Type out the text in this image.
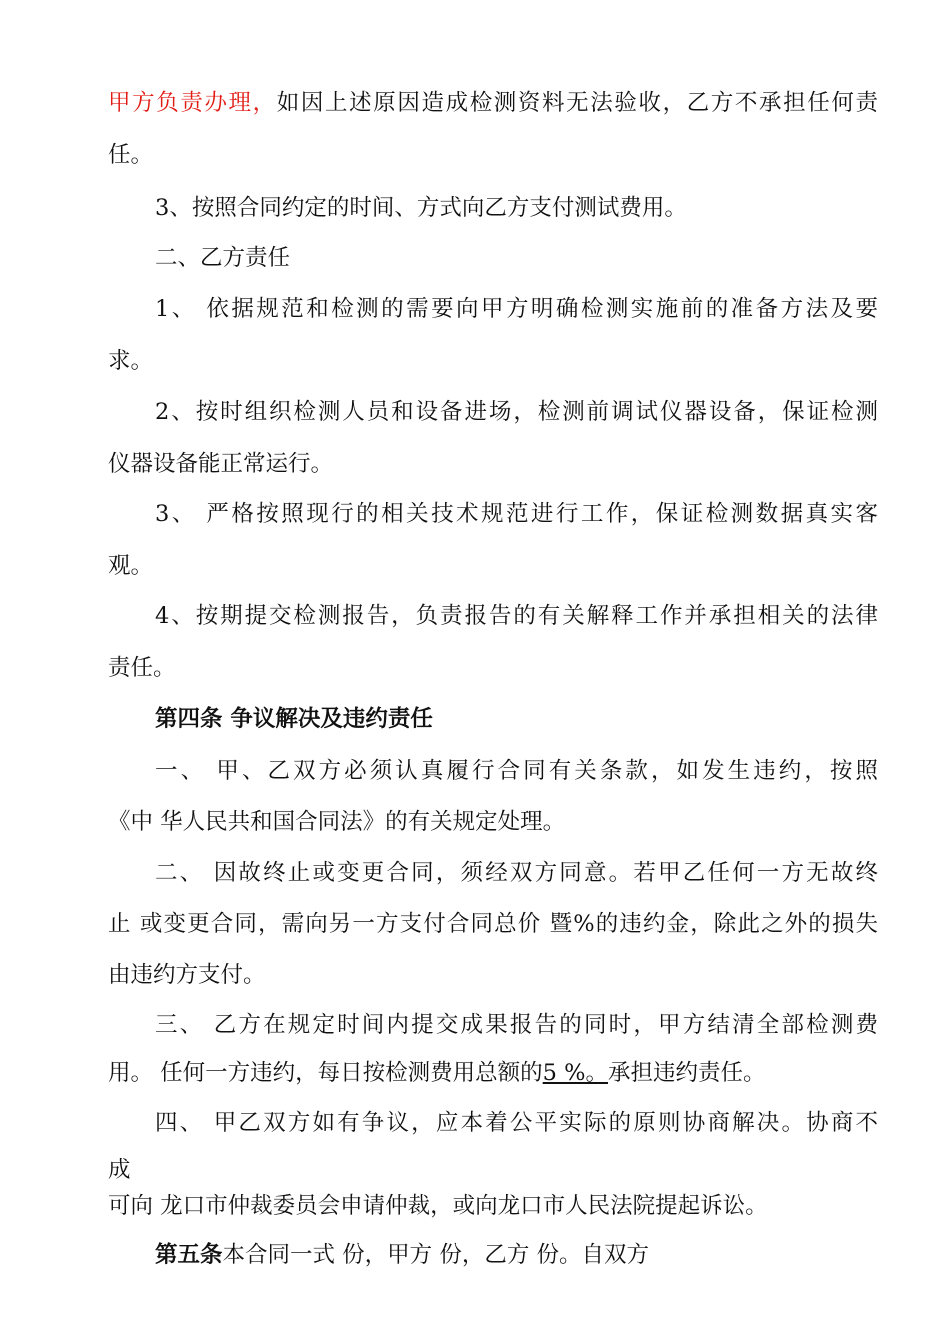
甲方负责办理，如因上述原因造成检测资料无法验收，乙方不承担任何责
任。
3、按照合同约定的时间、方式向乙方支付测试费用。
二、乙方责任
1、 依据规范和检测的需要向甲方明确检测实施前的准备方法及要
求。
2、按时组织检测人员和设备进场，检测前调试仪器设备，保证检测
仪器设备能正常运行。
3、 严格按照现行的相关技术规范进行工作，保证检测数据真实客
观。
4、按期提交检测报告，负责报告的有关解释工作并承担相关的法律
责任。
第四条 争议解决及违约责任
一、 甲、乙双方必须认真履行合同有关条款，如发生违约，按照
《中 华人民共和国合同法》的有关规定处理。
二、 因故终止或变更合同，须经双方同意。若甲乙任何一方无故终
止 或变更合同，需向另一方支付合同总价 暨%的违约金，除此之外的损失
由违约方支付。
三、 乙方在规定时间内提交成果报告的同时，甲方结清全部检测费
用。 任何一方违约，每日按检测费用总额的5 %。承担违约责任。
四、 甲乙双方如有争议，应本着公平实际的原则协商解决。协商不
成
可向 龙口市仲裁委员会申请仲裁，或向龙口市人民法院提起诉讼。
第五条本合同一式 份，甲方 份，乙方 份。自双方
